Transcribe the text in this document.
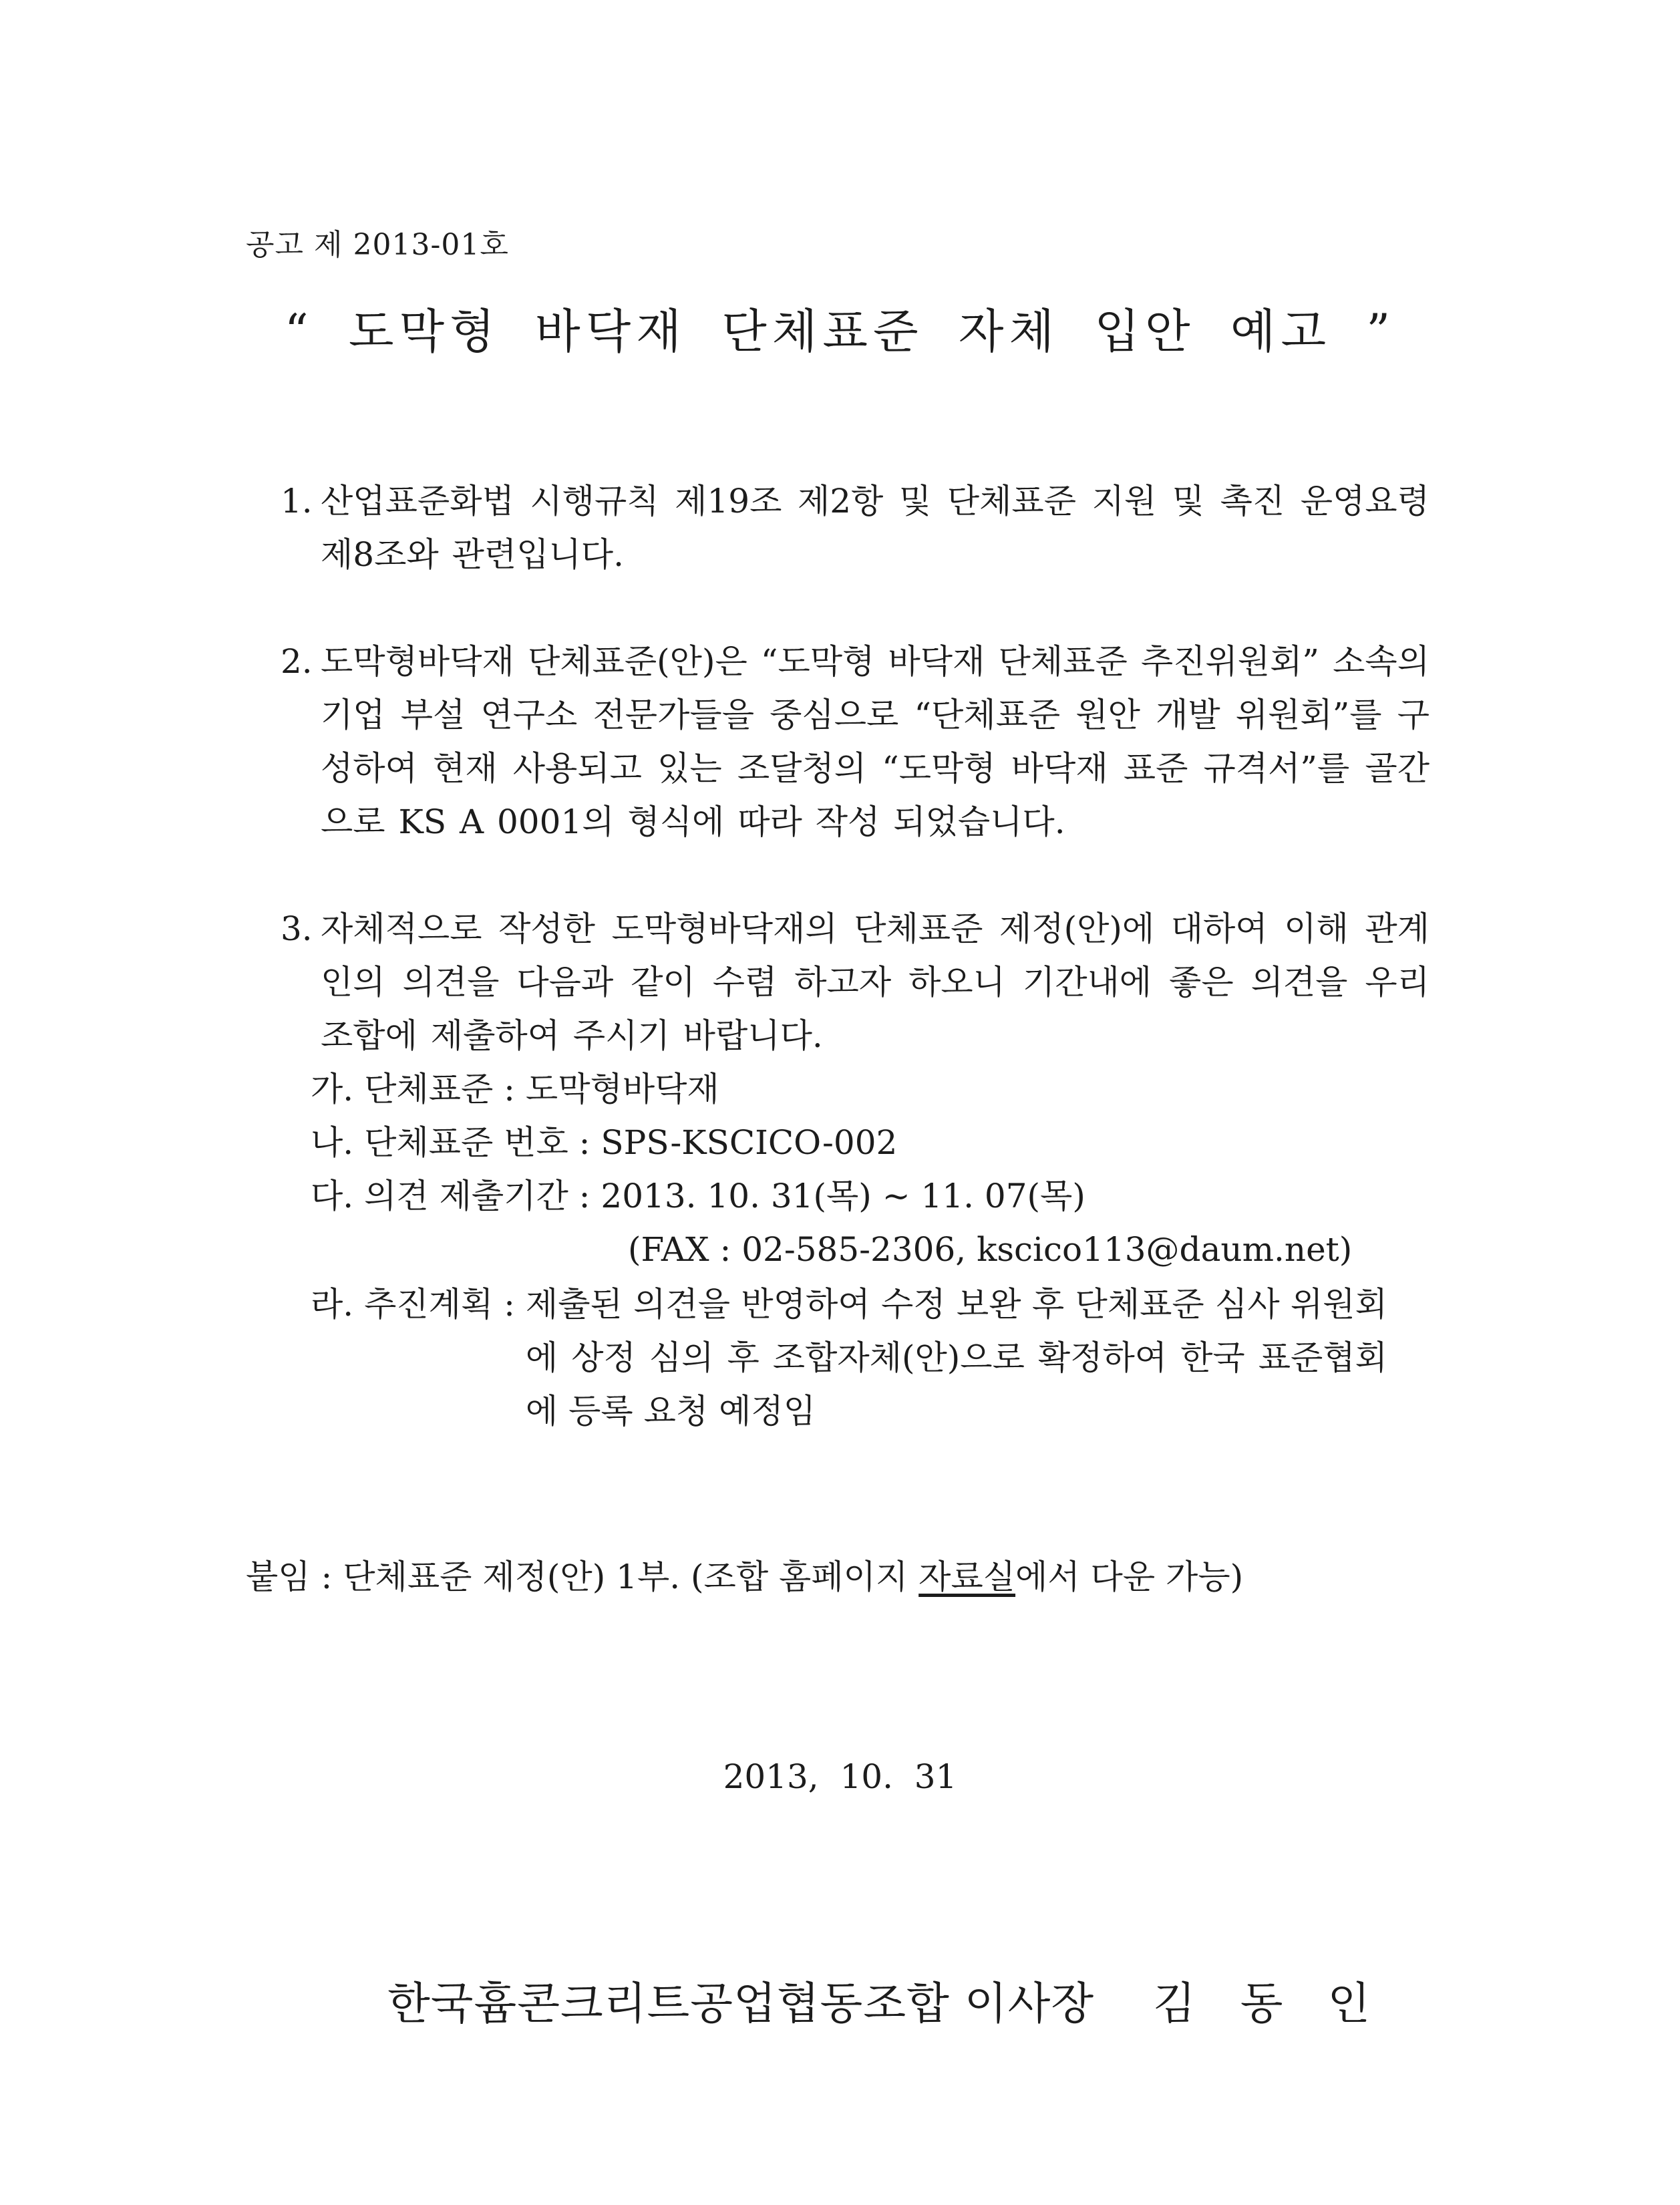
공고 제 2013-01호
“ 도막형 바닥재 단체표준 자체 입안 예고 ”
1. 산업표준화법 시행규칙 제19조 제2항 및 단체표준 지원 및 촉진 운영요령 제8조와 관련입니다.
2. 도막형바닥재 단체표준(안)은 “도막형 바닥재 단체표준 추진위원회” 소속의 기업 부설 연구소 전문가들을 중심으로 “단체표준 원안 개발 위원회”를 구성하여 현재 사용되고 있는 조달청의 “도막형 바닥재 표준 규격서”를 골간으로 KS A 0001의 형식에 따라 작성 되었습니다.
3. 자체적으로 작성한 도막형바닥재의 단체표준 제정(안)에 대하여 이해 관계인의 의견을 다음과 같이 수렴 하고자 하오니 기간내에 좋은 의견을 우리 조합에 제출하여 주시기 바랍니다.
가. 단체표준 : 도막형바닥재
나. 단체표준 번호 : SPS-KSCICO-002
다. 의견 제출기간 : 2013. 10. 31(목) ~ 11. 07(목)
(FAX : 02-585-2306, kscico113@daum.net)
라. 추진계획 : 제출된 의견을 반영하여 수정 보완 후 단체표준 심사 위원회에 상정 심의 후 조합자체(안)으로 확정하여 한국 표준협회에 등록 요청 예정임
붙임 : 단체표준 제정(안) 1부. (조합 홈페이지 자료실에서 다운 가능)
2013,  10.  31
한국흄콘크리트공업협동조합 이사장    김   동   인
